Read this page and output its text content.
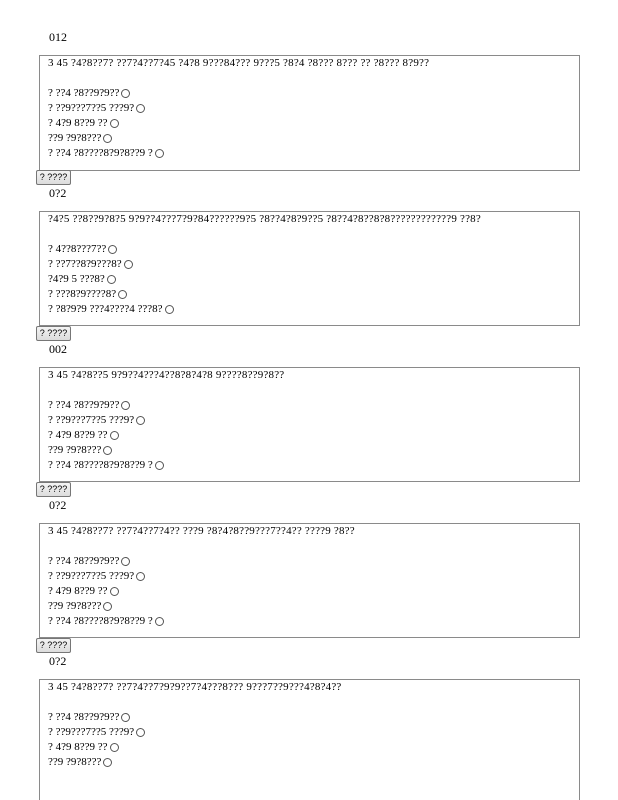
012
3 45 ?4?8??7? ??7?4??7?45 ?4?8 9???84??? 9???5 ?8?4 ?8??? 8??? ?? ?8??? 8?9??
? ??4 ?8??9?9??
? ??9???7??5 ???9?
? 4?9 8??9 ??
??9 ?9?8???
? ??4 ?8????8?9?8??9 ?
? ????
0?2
?4?5 ??8??9?8?5 9?9??4???7?9?84??????9?5 ?8??4?8?9??5 ?8??4?8??8?8????????????9 ??8?
? 4??8???7??
? ??7??8?9???8?
?4?9 5 ???8?
? ???8?9????8?
? ?8?9?9 ???4????4 ???8?
? ????
002
3 45 ?4?8??5 9?9??4???4??8?8?4?8 9????8??9?8??
? ??4 ?8??9?9??
? ??9???7??5 ???9?
? 4?9 8??9 ??
??9 ?9?8???
? ??4 ?8????8?9?8??9 ?
? ????
0?2
3 45 ?4?8??7? ??7?4??7?4?? ???9 ?8?4?8??9???7??4?? ????9 ?8??
? ??4 ?8??9?9??
? ??9???7??5 ???9?
? 4?9 8??9 ??
??9 ?9?8???
? ??4 ?8????8?9?8??9 ?
? ????
0?2
3 45 ?4?8??7? ??7?4??7?9?9??7?4???8??? 9???7??9???4?8?4??
? ??4 ?8??9?9??
? ??9???7??5 ???9?
? 4?9 8??9 ??
??9 ?9?8???
